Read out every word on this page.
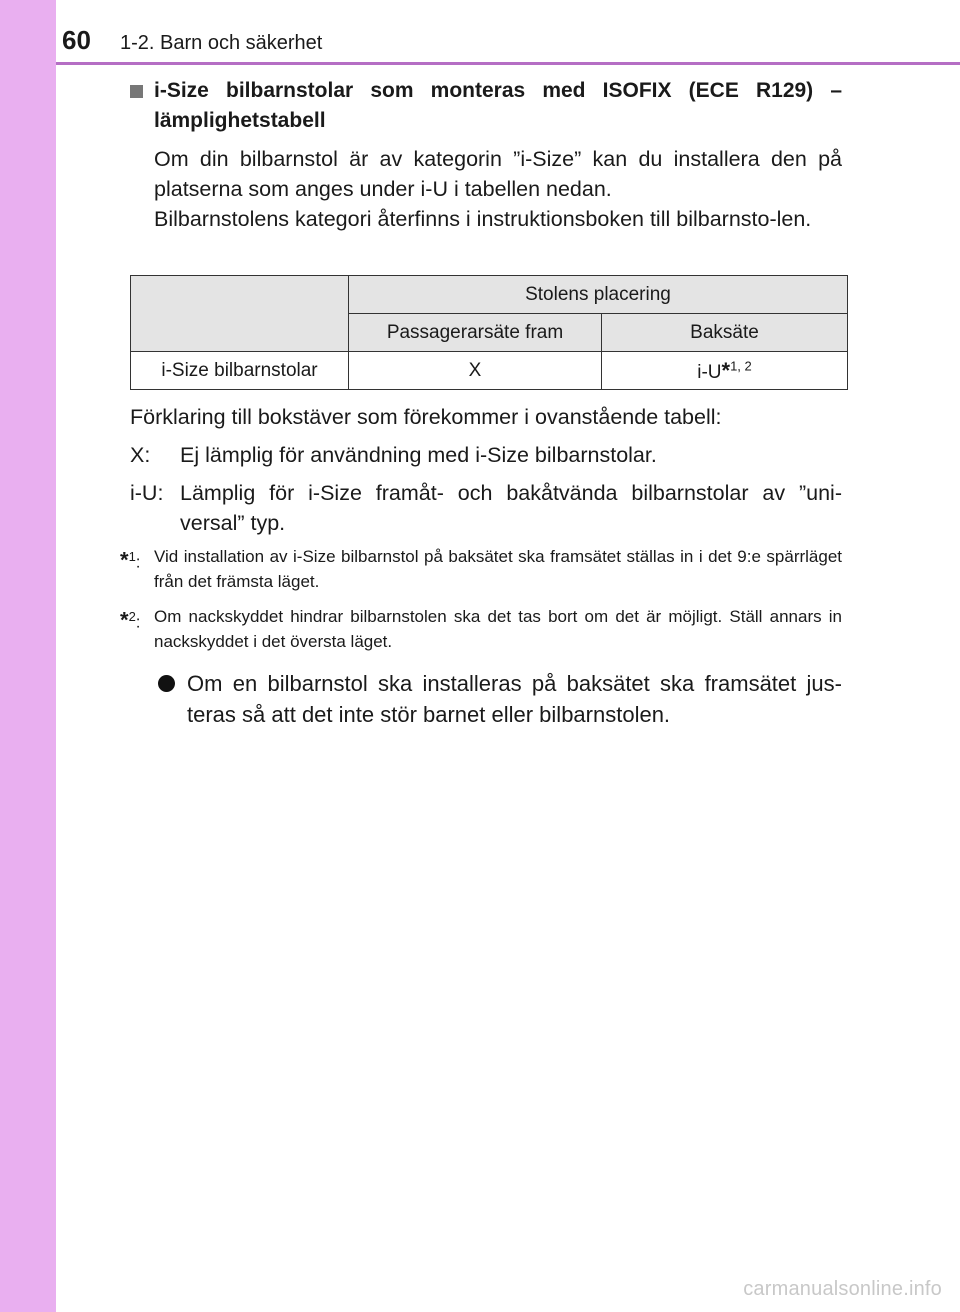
60 1-2. Barn och säkerhet
i-Size bilbarnstolar som monteras med ISOFIX (ECE R129) – lämplighetstabell
Om din bilbarnstol är av kategorin ”i-Size” kan du installera den på platserna som anges under i-U i tabellen nedan.
Bilbarnstolens kategori återfinns i instruktionsboken till bilbarnsto-len.
	Stolens placering	
	Passagerarsäte fram	Baksäte
i-Size bilbarnstolar	X	i-U*$^{1, 2}$
Förklaring till bokstäver som förekommer i ovanstående tabell:
X:	Ej lämplig för användning med i-Size bilbarnstolar.
i-U: Lämplig för i-Size framåt- och bakåtvända bilbarnstolar av ”uni-versal” typ.
*$^1$: Vid installation av i-Size bilbarnstol på baksätet ska framsätet ställas in i det 9:e spärrläget från det främsta läget.
*$^2$: Om nackskyddet hindrar bilbarnstolen ska det tas bort om det är möjligt. Ställ annars in nackskyddet i det översta läget.
Om en bilbarnstol ska installeras på baksätet ska framsätet jus-teras så att det inte stör barnet eller bilbarnstolen.
carmanualsonline.info
